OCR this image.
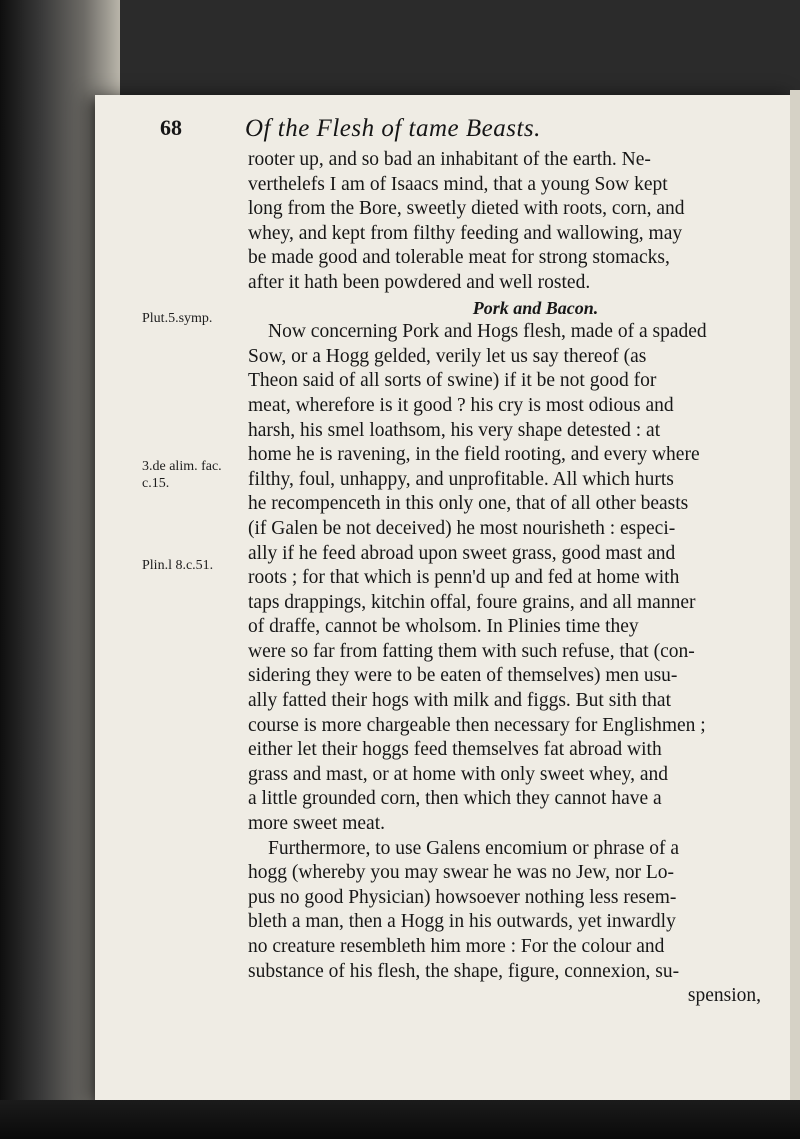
68	Of the Flesh of tame Beasts.
Plut.5.symp.
3.de alim. fac.
c.15.
Plin.l 8.c.51.
rooter up, and so bad an inhabitant of the earth. Ne-
verthelefs I am of Isaacs mind, that a young Sow kept
long from the Bore, sweetly dieted with roots, corn, and
whey, and kept from filthy feeding and wallowing, may
be made good and tolerable meat for strong stomacks,
after it hath been powdered and well rosted.
Pork and Bacon.
Now concerning Pork and Hogs flesh, made of a spaded
Sow, or a Hogg gelded, verily let us say thereof (as
Theon said of all sorts of swine) if it be not good for
meat, wherefore is it good ? his cry is most odious and
harsh, his smel loathsom, his very shape detested : at
home he is ravening, in the field rooting, and every where
filthy, foul, unhappy, and unprofitable. All which hurts
he recompenceth in this only one, that of all other beasts
(if Galen be not deceived) he most nourisheth : especi-
ally if he feed abroad upon sweet grass, good mast and
roots ; for that which is penn'd up and fed at home with
taps drappings, kitchin offal, foure grains, and all manner
of draffe, cannot be wholsom. In Plinies time they
were so far from fatting them with such refuse, that (con-
sidering they were to be eaten of themselves) men usu-
ally fatted their hogs with milk and figgs. But sith that
course is more chargeable then necessary for Englishmen ;
either let their hoggs feed themselves fat abroad with
grass and mast, or at home with only sweet whey, and
a little grounded corn, then which they cannot have a
more sweet meat.
Furthermore, to use Galens encomium or phrase of a
hogg (whereby you may swear he was no Jew, nor Lo-
pus no good Physician) howsoever nothing less resem-
bleth a man, then a Hogg in his outwards, yet inwardly
no creature resembleth him more : For the colour and
substance of his flesh, the shape, figure, connexion, su-
spension,
